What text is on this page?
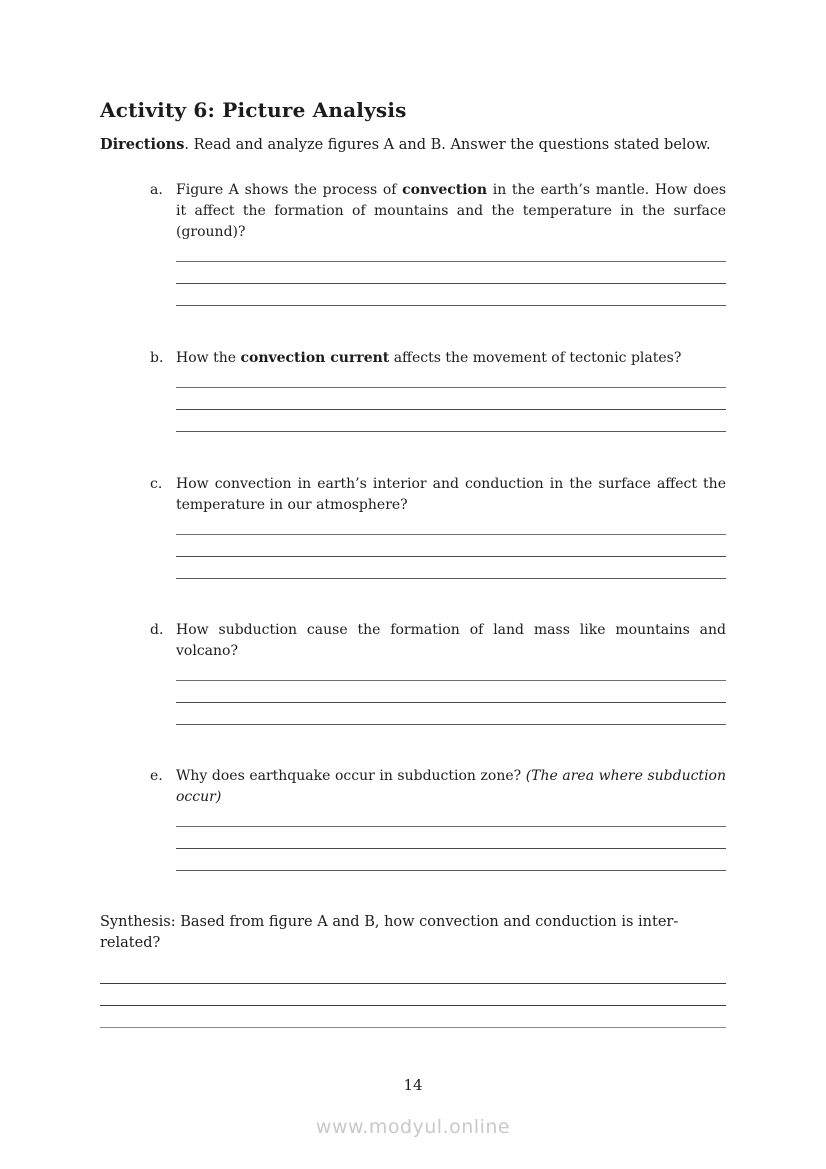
Activity 6: Picture Analysis

Directions. Read and analyze figures A and B. Answer the questions stated below.

a. Figure A shows the process of convection in the earth’s mantle. How does it affect the formation of mountains and the temperature in the surface (ground)?
b. How the convection current affects the movement of tectonic plates?
c. How convection in earth’s interior and conduction in the surface affect the temperature in our atmosphere?
d. How subduction cause the formation of land mass like mountains and volcano?
e. Why does earthquake occur in subduction zone? (The area where subduction occur)

Synthesis: Based from figure A and B, how convection and conduction is inter-related?

14
www.modyul.online
